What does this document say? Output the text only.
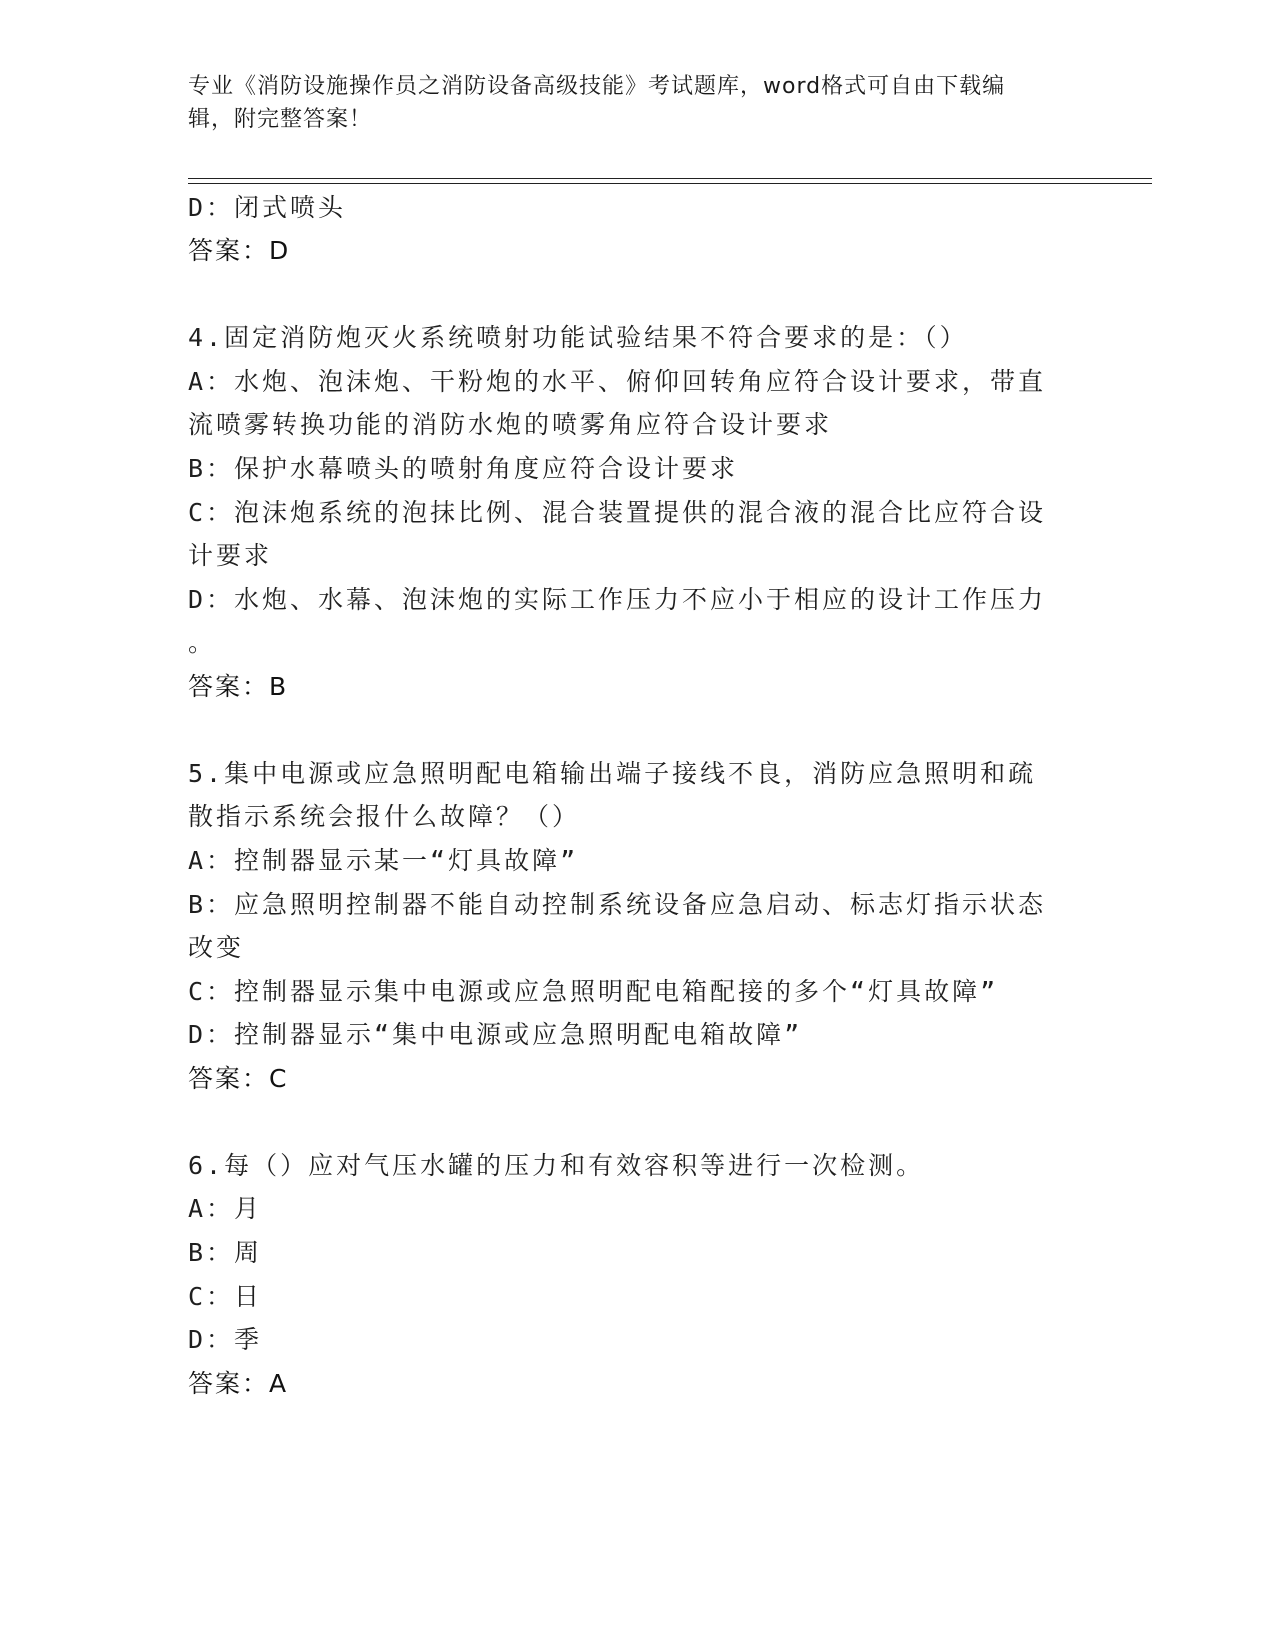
专业《消防设施操作员之消防设备高级技能》考试题库，word格式可自由下载编
辑，附完整答案！
D：闭式喷头
答案：D
4.固定消防炮灭火系统喷射功能试验结果不符合要求的是：（）
A：水炮、泡沫炮、干粉炮的水平、俯仰回转角应符合设计要求，带直
流喷雾转换功能的消防水炮的喷雾角应符合设计要求
B：保护水幕喷头的喷射角度应符合设计要求
C：泡沫炮系统的泡抹比例、混合装置提供的混合液的混合比应符合设
计要求
D：水炮、水幕、泡沫炮的实际工作压力不应小于相应的设计工作压力
。
答案：B
5.集中电源或应急照明配电箱输出端子接线不良，消防应急照明和疏
散指示系统会报什么故障？（）
A：控制器显示某一“灯具故障”
B：应急照明控制器不能自动控制系统设备应急启动、标志灯指示状态
改变
C：控制器显示集中电源或应急照明配电箱配接的多个“灯具故障”
D：控制器显示“集中电源或应急照明配电箱故障”
答案：C
6.每（）应对气压水罐的压力和有效容积等进行一次检测。
A：月
B：周
C：日
D：季
答案：A
